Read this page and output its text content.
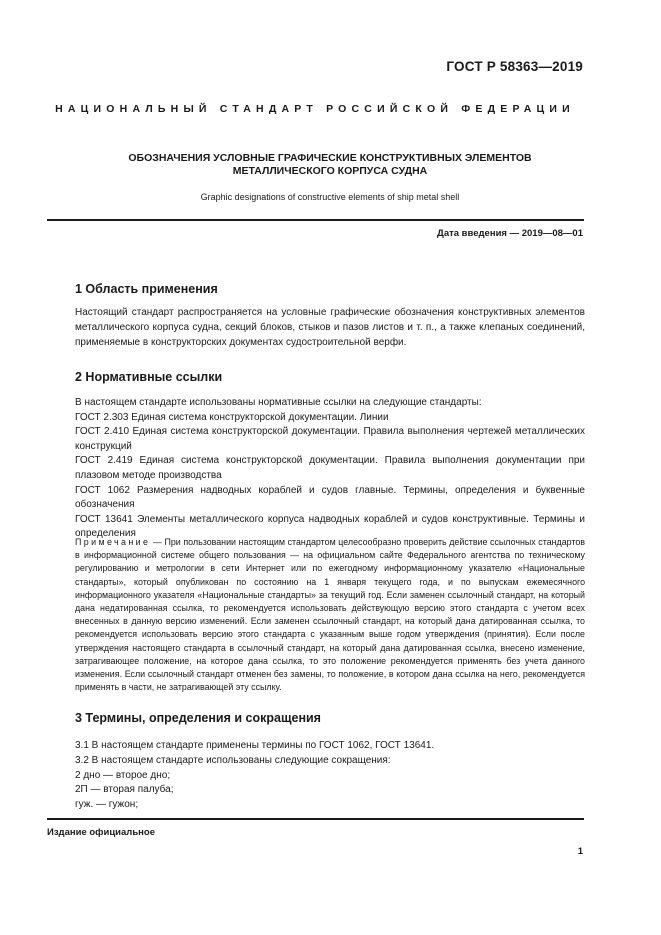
ГОСТ Р 58363—2019
НАЦИОНАЛЬНЫЙ СТАНДАРТ РОССИЙСКОЙ ФЕДЕРАЦИИ
ОБОЗНАЧЕНИЯ УСЛОВНЫЕ ГРАФИЧЕСКИЕ КОНСТРУКТИВНЫХ ЭЛЕМЕНТОВ
МЕТАЛЛИЧЕСКОГО КОРПУСА СУДНА
Graphic designations of constructive elements of ship metal shell
Дата введения — 2019—08—01
1 Область применения

Настоящий стандарт распространяется на условные графические обозначения конструктивных элементов металлического корпуса судна, секций блоков, стыков и пазов листов и т. п., а также клепаных соединений, применяемые в конструкторских документах судостроительной верфи.

2 Нормативные ссылки

В настоящем стандарте использованы нормативные ссылки на следующие стандарты:

ГОСТ 2.303 Единая система конструкторской документации. Линии

ГОСТ 2.410 Единая система конструкторской документации. Правила выполнения чертежей металлических конструкций

ГОСТ 2.419 Единая система конструкторской документации. Правила выполнения документации при плазовом методе производства

ГОСТ 1062 Размерения надводных кораблей и судов главные. Термины, определения и буквенные обозначения

ГОСТ 13641 Элементы металлического корпуса надводных кораблей и судов конструктивные. Термины и определения

Примечание — При пользовании настоящим стандартом целесообразно проверить действие ссылочных стандартов в информационной системе общего пользования — на официальном сайте Федерального агентства по техническому регулированию и метрологии в сети Интернет или по ежегодному информационному указателю «Национальные стандарты», который опубликован по состоянию на 1 января текущего года, и по выпускам ежемесячного информационного указателя «Национальные стандарты» за текущий год. Если заменен ссылочный стандарт, на который дана недатированная ссылка, то рекомендуется использовать действующую версию этого стандарта с учетом всех внесенных в данную версию изменений. Если заменен ссылочный стандарт, на который дана датированная ссылка, то рекомендуется использовать версию этого стандарта с указанным выше годом утверждения (принятия). Если после утверждения настоящего стандарта в ссылочный стандарт, на который дана датированная ссылка, внесено изменение, затрагивающее положение, на которое дана ссылка, то это положение рекомендуется применять без учета данного изменения. Если ссылочный стандарт отменен без замены, то положение, в котором дана ссылка на него, рекомендуется применять в части, не затрагивающей эту ссылку.

3 Термины, определения и сокращения

3.1 В настоящем стандарте применены термины по ГОСТ 1062, ГОСТ 13641.

3.2 В настоящем стандарте использованы следующие сокращения:

2 дно — второе дно;

2П — вторая палуба;

гуж. — гужон;

Издание официальное
1
